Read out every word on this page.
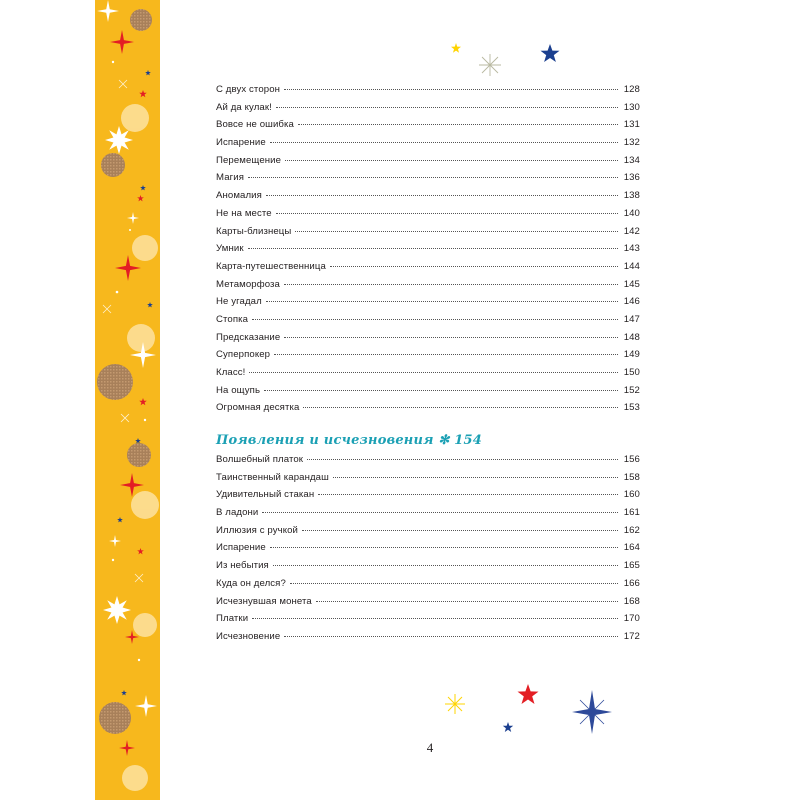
С двух сторон	128
Ай да кулак!	130
Вовсе не ошибка	131
Испарение	132
Перемещение	134
Магия	136
Аномалия	138
Не на месте	140
Карты-близнецы	142
Умник	143
Карта-путешественница	144
Метаморфоза	145
Не угадал	146
Стопка	147
Предсказание	148
Суперпокер	149
Класс!	150
На ощупь	152
Огромная десятка	153
Появления и исчезновения ✻ 154
Волшебный платок	156
Таинственный карандаш	158
Удивительный стакан	160
В ладони	161
Иллюзия с ручкой	162
Испарение	164
Из небытия	165
Куда он делся?	166
Исчезнувшая монета	168
Платки	170
Исчезновение	172
4
